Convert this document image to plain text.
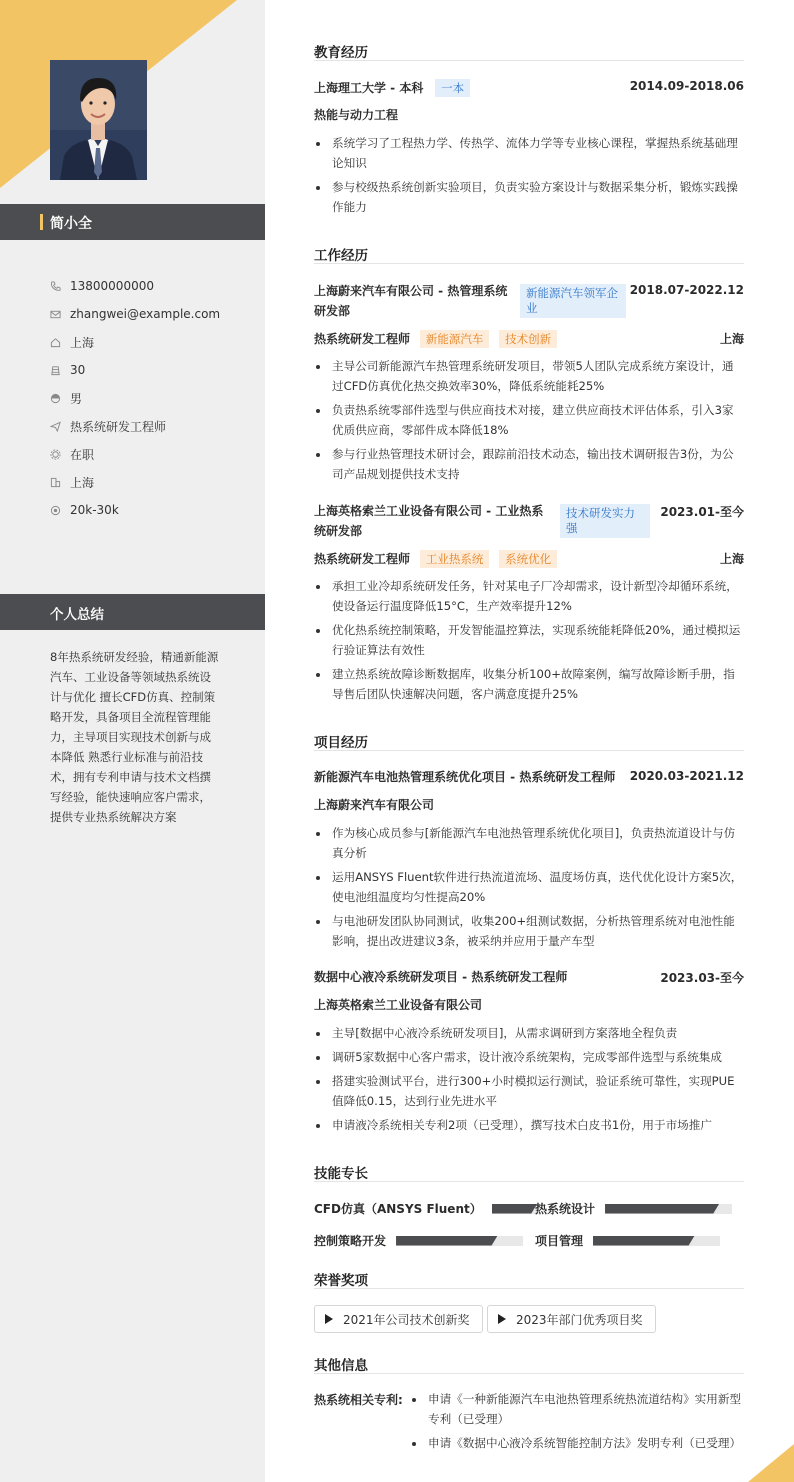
简小全
13800000000
zhangwei@example.com
上海
30
男
热系统研发工程师
在职
上海
20k-30k
个人总结
8年热系统研发经验，精通新能源汽车、工业设备等领域热系统设计与优化 擅长CFD仿真、控制策略开发，具备项目全流程管理能力，主导项目实现技术创新与成本降低 熟悉行业标准与前沿技术，拥有专利申请与技术文档撰写经验，能快速响应客户需求，提供专业热系统解决方案
教育经历
上海理工大学 - 本科 一本	2014.09-2018.06
热能与动力工程
系统学习了工程热力学、传热学、流体力学等专业核心课程，掌握热系统基础理论知识
参与校级热系统创新实验项目，负责实验方案设计与数据采集分析，锻炼实践操作能力
工作经历
上海蔚来汽车有限公司 - 热管理系统研发部
新能源汽车领军企业
2018.07-2022.12
热系统研发工程师 新能源汽车 技术创新	上海
主导公司新能源汽车热管理系统研发项目，带领5人团队完成系统方案设计，通过CFD仿真优化热交换效率30%，降低系统能耗25%
负责热系统零部件选型与供应商技术对接，建立供应商技术评估体系，引入3家优质供应商，零部件成本降低18%
参与行业热管理技术研讨会，跟踪前沿技术动态，输出技术调研报告3份，为公司产品规划提供技术支持
上海英格索兰工业设备有限公司 - 工业热系统研发部
技术研发实力强
2023.01-至今
热系统研发工程师 工业热系统 系统优化	上海
承担工业冷却系统研发任务，针对某电子厂冷却需求，设计新型冷却循环系统，使设备运行温度降低15°C，生产效率提升12%
优化热系统控制策略，开发智能温控算法，实现系统能耗降低20%，通过模拟运行验证算法有效性
建立热系统故障诊断数据库，收集分析100+故障案例，编写故障诊断手册，指导售后团队快速解决问题，客户满意度提升25%
项目经历
新能源汽车电池热管理系统优化项目 - 热系统研发工程师 2020.03-2021.12
上海蔚来汽车有限公司
作为核心成员参与[新能源汽车电池热管理系统优化项目]，负责热流道设计与仿真分析
运用ANSYS Fluent软件进行热流道流场、温度场仿真，迭代优化设计方案5次，使电池组温度均匀性提高20%
与电池研发团队协同测试，收集200+组测试数据，分析热管理系统对电池性能影响，提出改进建议3条，被采纳并应用于量产车型
数据中心液冷系统研发项目 - 热系统研发工程师	2023.03-至今
上海英格索兰工业设备有限公司
主导[数据中心液冷系统研发项目]，从需求调研到方案落地全程负责
调研5家数据中心客户需求，设计液冷系统架构，完成零部件选型与系统集成
搭建实验测试平台，进行300+小时模拟运行测试，验证系统可靠性，实现PUE值降低0.15，达到行业先进水平
申请液冷系统相关专利2项（已受理），撰写技术白皮书1份，用于市场推广
技能专长
CFD仿真（ANSYS Fluent）	热系统设计
控制策略开发	项目管理
荣誉奖项
2021年公司技术创新奖	2023年部门优秀项目奖
其他信息
热系统相关专利:	申请《一种新能源汽车电池热管理系统热流道结构》实用新型专利（已受理）
申请《数据中心液冷系统智能控制方法》发明专利（已受理）
